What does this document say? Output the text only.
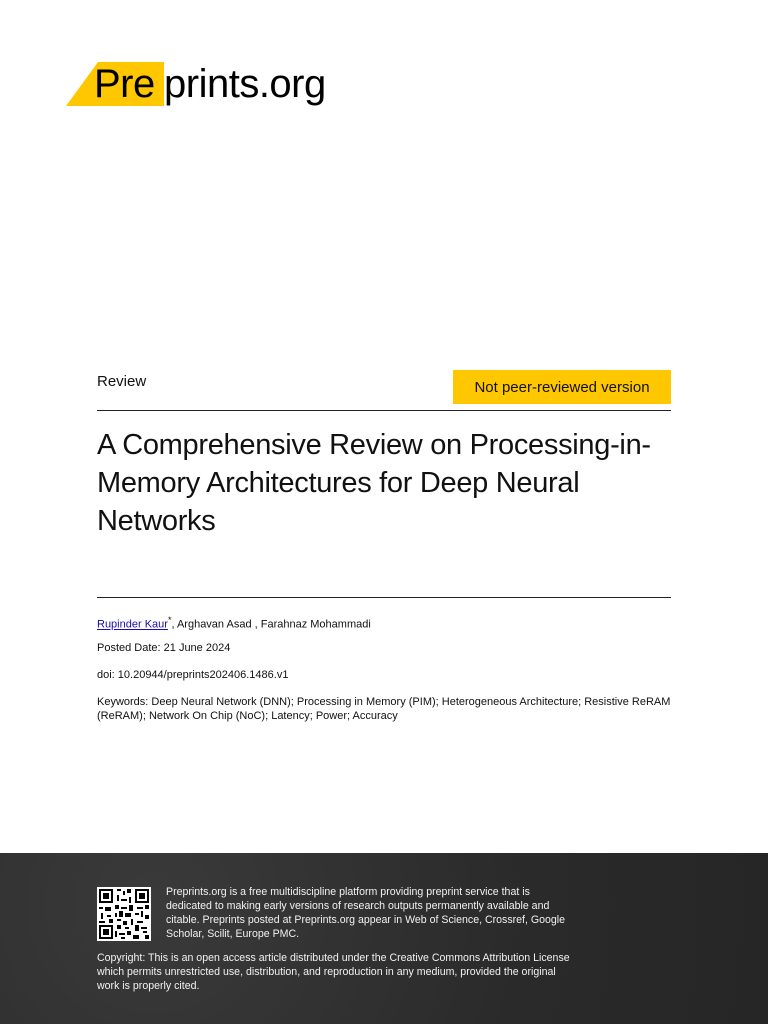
Pre prints.org
Review	Not peer-reviewed version
A Comprehensive Review on Processing-in-Memory Architectures for Deep Neural Networks
Rupinder Kaur*, Arghavan Asad , Farahnaz Mohammadi
Posted Date: 21 June 2024
doi: 10.20944/preprints202406.1486.v1
Keywords: Deep Neural Network (DNN); Processing in Memory (PIM); Heterogeneous Architecture; Resistive ReRAM (ReRAM); Network On Chip (NoC); Latency; Power; Accuracy
Preprints.org is a free multidiscipline platform providing preprint service that is dedicated to making early versions of research outputs permanently available and citable. Preprints posted at Preprints.org appear in Web of Science, Crossref, Google Scholar, Scilit, Europe PMC.
Copyright: This is an open access article distributed under the Creative Commons Attribution License which permits unrestricted use, distribution, and reproduction in any medium, provided the original work is properly cited.
